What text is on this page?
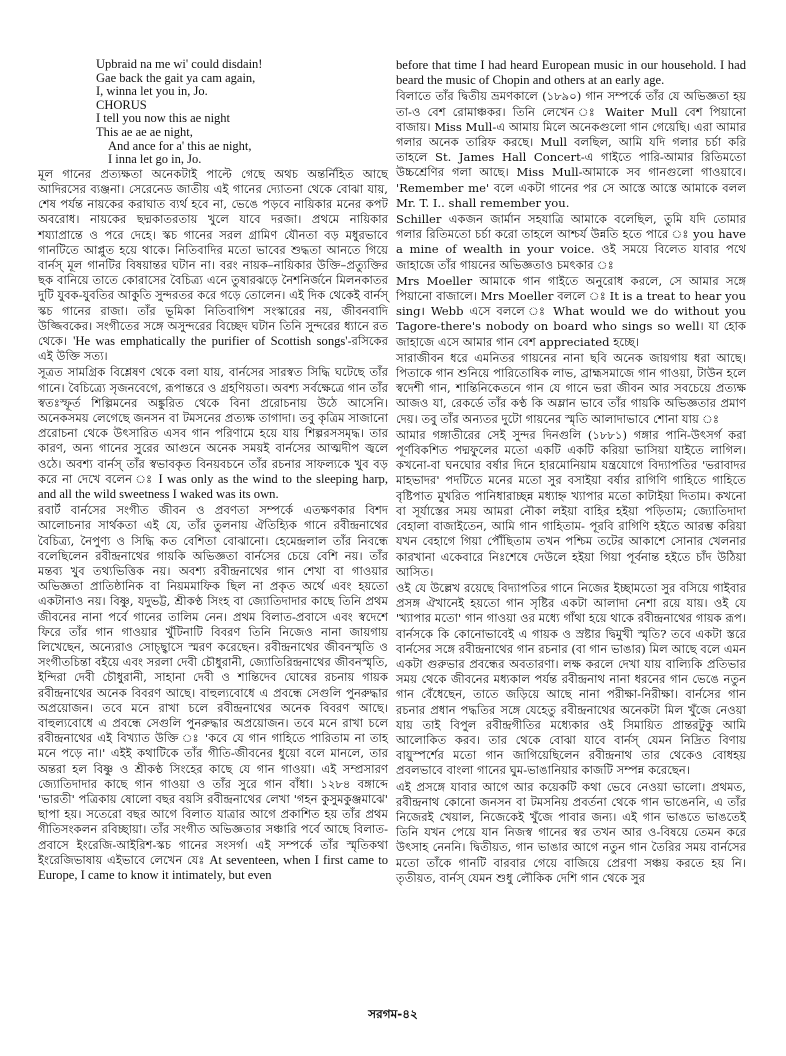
Upbraid na me wi' could disdain!
Gae back the gait ya cam again,
I, winna let you in, Jo.
CHORUS
I tell you now this ae night
This ae ae ae night,
And ance for a' this ae night,
I inna let go in, Jo.

মূল গানের প্রত্যক্ষতা অনেকটাই পাল্টে গেছে অথচ অন্তর্নিহিত আছে আদিরসের ব্যঞ্জনা। সেরেনেড জাতীয় এই গানের দ্যোতনা থেকে বোঝা যায়, শেষ পর্যন্ত নায়কের করাঘাত ব্যর্থ হবে না, ভেঙে পড়বে নায়িকার মনের কপট অবরোধ। নায়কের ছদ্মকাতরতায় খুলে যাবে দরজা। প্রথমে নায়িকার শয্যাপ্রান্তে ও পরে দেহে। স্কচ গানের সরল গ্রামিণ যৌনতা বড় মধুরভাবে গানটিতে আপ্লুত হয়ে থাকে। নিতিবাদির মতো ভাবের শুদ্ধতা আনতে গিয়ে বার্নস্ মূল গানটির বিষয়ান্তর ঘটান না। বরং নায়ক–নায়িকার উক্তি–প্রত্যুক্তির ছক বানিয়ে তাতে কোরাসের বৈচিত্র্য এনে তুষারঝড়ে নৈশনির্জনে মিলনকাতর দুটি যুবক-যুবতির আকুতি সুন্দরতর করে গড়ে তোলেন। এই দিক থেকেই বার্নস্ স্কচ গানের রাজা। তাঁর ভূমিকা নিতিবাগিশ সংস্কারের নয়, জীবনবাদি উজ্জিবকের। সংগীতের সঙ্গে অসুন্দরের বিচ্ছেদ ঘটান তিনি সুন্দরের ধ্যানে রত থেকে। 'He was emphatically the purifier of Scottish songs'-রসিকের এই উক্তি সত্য।

সূত্রত সামগ্রিক বিশ্লেষণ থেকে বলা যায়, বার্নসের সারস্বত সিদ্ধি ঘটেছে তাঁর গানে। বৈচিত্র্যে সৃজনবেগে, রূপান্তরে ও গ্রহণিয়তা। অবশ্য সর্বক্ষেত্রে গান তাঁর স্বতঃস্ফূর্ত শিল্পিমনের অঙ্কুরিত থেকে বিনা প্ররোচনায় উঠে আসেনি। অনেকসময় লেগেছে জনসন বা টমসনের প্রত্যক্ষ তাগাদা। তবু কৃত্রিম সাজানো প্ররোচনা থেকে উৎসারিত এসব গান পরিণামে হয়ে যায় শিল্পরসসমৃদ্ধ। তার কারণ, অন্য গানের সুরের আগুনে অনেক সময়ই বার্নসের আত্মদীপ জ্বলে ওঠে। অবশ্য বার্নস্ তাঁর স্বভাবকৃত বিনয়বচনে তাঁর রচনার সাফল্যকে খুব বড় করে না দেখে বলেন ঃ I was only as the wind to the sleeping harp, and all the wild sweetness I waked was its own.

রবার্ট বার্নসের সংগীত জীবন ও প্রবণতা সম্পর্কে এতক্ষণকার বিশদ আলোচনার সার্থকতা এই যে, তাঁর তুলনায় ঐতিহ্যিক গানে রবীন্দ্রনাথের বৈচিত্র্য, নৈপুণ্য ও সিদ্ধি কত বেশিতা বোঝানো। হেমেন্দ্রলাল তাঁর নিবন্ধে বলেছিলেন রবীন্দ্রনাথের গায়কি অভিজ্ঞতা বার্নসের চেয়ে বেশি নয়। তাঁর মন্তব্য খুব তথ্যভিত্তিক নয়। অবশ্য রবীন্দ্রনাথের গান শেখা বা গাওয়ার অভিজ্ঞতা প্রাতিষ্ঠানিক বা নিয়মমাফিক ছিল না প্রকৃত অর্থে এবং হয়তো একটানাও নয়। বিষ্ণু, যদুভট্ট, শ্রীকণ্ঠ সিংহ বা জ্যোতিদাদার কাছে তিনি প্রথম জীবনের নানা পর্বে গানের তালিম নেন। প্রথম বিলাত-প্রবাসে এবং স্বদেশে ফিরে তাঁর গান গাওয়ার খুঁটিনাটি বিবরণ তিনি নিজেও নানা জায়গায় লিখেছেন, অন্যেরাও সোচ্ছ্বাসে স্মরণ করেছেন। রবীন্দ্রনাথের জীবনস্মৃতি ও সংগীতচিন্তা বইয়ে এবং সরলা দেবী চৌধুরানী, জ্যোতিরিন্দ্রনাথের জীবনস্মৃতি, ইন্দিরা দেবী চৌধুরানী, সাহানা দেবী ও শান্তিদেব ঘোষের রচনায় গায়ক রবীন্দ্রনাথের অনেক বিবরণ আছে। বাহুল্যবোধে এ প্রবন্ধে সেগুলি পুনরুদ্ধার অপ্রয়োজন। তবে মনে রাখা চলে রবীন্দ্রনাথের অনেক বিবরণ আছে। বাহুল্যবোধে এ প্রবন্ধে সেগুলি পুনরুদ্ধার অপ্রয়োজন। তবে মনে রাখা চলে রবীন্দ্রনাথের এই বিখ্যাত উক্তি ঃ 'কবে যে গান গাহিতে পারিতাম না তাহ মনে পড়ে না।' এইই কথাটিকে তাঁর গীতি-জীবনের ধুয়ো বলে মানলে, তার অন্তরা হল বিষ্ণু ও শ্রীকণ্ঠ সিংহের কাছে যে গান গাওয়া। এই সম্প্রসারণ জ্যোতিদাদার কাছে গান গাওয়া ও তাঁর সুরে গান বাঁধা। ১২৮৪ বঙ্গাব্দে 'ভারতী' পত্রিকায় ষোলো বছর বয়সি রবীন্দ্রনাথের লেখা 'গহন কুসুমকুঞ্জমাঝে' ছাপা হয়। সতেরো বছর আগে বিলাত যাত্রার আগে প্রকাশিত হয় তাঁর প্রথম গীতিসংকলন রবিচ্ছায়া। তাঁর সংগীত অভিজ্ঞতার সঞ্চারি পর্বে আছে বিলাত-প্রবাসে ইংরেজি-আইরিশ-স্কচ গানের সংসর্গ। এই সম্পর্কে তাঁর স্মৃতিকথা ইংরেজিভাষায় এইভাবে লেখেন যেঃ At seventeen, when I first came to Europe, I came to know it intimately, but even

before that time I had heard European music in our household. I had beard the music of Chopin and others at an early age.

বিলাতে তাঁর দ্বিতীয় ভ্রমণকালে (১৮৯০) গান সম্পর্কে তাঁর যে অভিজ্ঞতা হয় তা-ও বেশ রোমাঞ্চকর। তিনি লেখেন ঃ Waiter Mull বেশ পিয়ানো বাজায়। Miss Mull-এ আমায় মিলে অনেকগুলো গান গেয়েছি। এরা আমার গলার অনেক তারিফ করছে। Mull বলছিল, আমি যদি গলার চর্চা করি তাহলে St. James Hall Concert-এ গাইতে পারি-আমার রিতিমতো উচ্চশ্রেণির গলা আছে। Miss Mull-আমাকে সব গানগুলো গাওয়াবে। 'Remember me' বলে একটা গানের পর সে আস্তে আস্তে আমাকে বলল Mr. T. I.. shall remember you.

Schiller একজন জার্মান সহযাত্রি আমাকে বলেছিল, তুমি যদি তোমার গলার রিতিমতো চর্চা করো তাহলে আশ্চর্য উন্নতি হতে পারে ঃ you have a mine of wealth in your voice. ওই সময়ে বিলেত যাবার পথে জাহাজে তাঁর গায়নের অভিজ্ঞতাও চমৎকার ঃ

Mrs Moeller আমাকে গান গাইতে অনুরোধ করলে, সে আমার সঙ্গে পিয়ানো বাজালে। Mrs Moeller বললে ঃ It is a treat to hear you sing। Webb এসে বললে ঃ What would we do without you Tagore-there's nobody on board who sings so well। যা হোক জাহাজে এসে আমার গান বেশ appreciated হচ্ছে।

সারাজীবন ধরে এমনিতর গায়নের নানা ছবি অনেক জায়গায় ধরা আছে। পিতাকে গান শুনিয়ে পারিতোষিক লাভ, ব্রাহ্মসমাজে গান গাওয়া, টাউন হলে স্বদেশী গান, শান্তিনিকেতনে গান যে গানে ভরা জীবন আর সবচেয়ে প্রত্যক্ষ আজও যা, রেকর্ডে তাঁর কণ্ঠ কি অম্লান ভাবে তাঁর গায়কি অভিজ্ঞতার প্রমাণ দেয়। তবু তাঁর অন্যতর দুটো গায়নের স্মৃতি আলাদাভাবে শোনা যায় ঃ

আমার গঙ্গাতীরের সেই সুন্দর দিনগুলি (১৮৮১) গঙ্গার পানি-উৎসর্গ করা পূর্ণবিকশিত পদ্মফুলের মতো একটি একটি করিয়া ভাসিয়া যাইতে লাগিল। কখনো-বা ঘনঘোর বর্ষার দিনে হারমোনিয়াম যন্ত্রযোগে বিদ্যাপতির 'ভরাবাদর মাহভাদর' পদটিতে মনের মতো সুর বসাইয়া বর্ষার রাগিণি গাহিতে গাহিতে বৃষ্টিপাত মুখরিত পানিধারাচ্ছন্ন মধ্যাহ্ন খ্যাপার মতো কাটাইয়া দিতাম। কখনো বা সূর্যাস্তের সময় আমরা নৌকা লইয়া বাহির হইয়া পড়িতাম; জ্যোতিদাদা বেহালা বাজাইতেন, আমি গান গাহিতাম- পূরবি রাগিণি হইতে আরম্ভ করিয়া যখন বেহাগে গিয়া পৌঁছিতাম তখন পশ্চিম তটের আকাশে সোনার খেলনার কারখানা একেবারে নিঃশেষে দেউলে হইয়া গিয়া পূর্বনান্ত হইতে চাঁদ উঠিয়া আসিত।

ওই যে উল্লেখ রয়েছে বিদ্যাপতির গানে নিজের ইচ্ছামতো সুর বসিয়ে গাইবার প্রসঙ্গ ঐখানেই হয়তো গান সৃষ্টির একটা আলাদা নেশা রয়ে যায়। ওই যে 'খ্যাপার মতো' গান গাওয়া ওর মধ্যে গাঁথা হয়ে থাকে রবীন্দ্রনাথের গায়ক রূপ। বার্নসকে কি কোনোভাবেই এ গায়ক ও স্রষ্টার দ্বিমুখী স্মৃতি? তবে একটা স্তরে বার্নসের সঙ্গে রবীন্দ্রনাথের গান রচনার (বা গান ভাঙার) মিল আছে বলে এমন একটা গুরুভার প্রবন্ধের অবতারণা। লক্ষ করলে দেখা যায় বাল্যিকি প্রতিভার সময় থেকে জীবনের মধ্যকাল পর্যন্ত রবীন্দ্রনাথ নানা ধরনের গান ভেঙে নতুন গান বেঁধেছেন, তাতে জড়িয়ে আছে নানা পরীক্ষা-নিরীক্ষা। বার্নসের গান রচনার প্রধান পদ্ধতির সঙ্গে যেহেতু রবীন্দ্রনাথের অনেকটা মিল খুঁজে নেওয়া যায় তাই বিপুল রবীন্দ্রগীতির মধ্যেকার ওই সিমায়িত প্রান্তরটুকু আমি আলোকিত করব। তার থেকে বোঝা যাবে বার্নস্ যেমন নিদ্রিত বিণায় বায়ুস্পর্শের মতো গান জাগিয়েছিলেন রবীন্দ্রনাথ তার থেকেও বোধহয় প্রবলভাবে বাংলা গানের ঘুম-ভাঙানিয়ার কাজটি সম্পন্ন করেছেন।

এই প্রসঙ্গে যাবার আগে আর কয়েকটি কথা ভেবে নেওয়া ভালো। প্রথমত, রবীন্দ্রনাথ কোনো জনসন বা টমসনিয় প্রবর্তনা থেকে গান ভাঙেননি, এ তাঁর নিজেরই খেয়াল, নিজেকেই খুঁজে পাবার জন্য। এই গান ভাঙতে ভাঙতেই তিনি যখন পেয়ে যান নিজস্ব গানের স্বর তখন আর ও-বিষয়ে তেমন করে উৎসাহ নেননি। দ্বিতীয়ত, গান ভাঙার আগে নতুন গান তৈরির সময় বার্নসের মতো তাঁকে গানটি বারবার গেয়ে বাজিয়ে প্রেরণা সঞ্চয় করতে হয় নি। তৃতীয়ত, বার্নস্ যেমন শুধু লৌকিক দেশি গান থেকে সুর

সরগম-৪২
